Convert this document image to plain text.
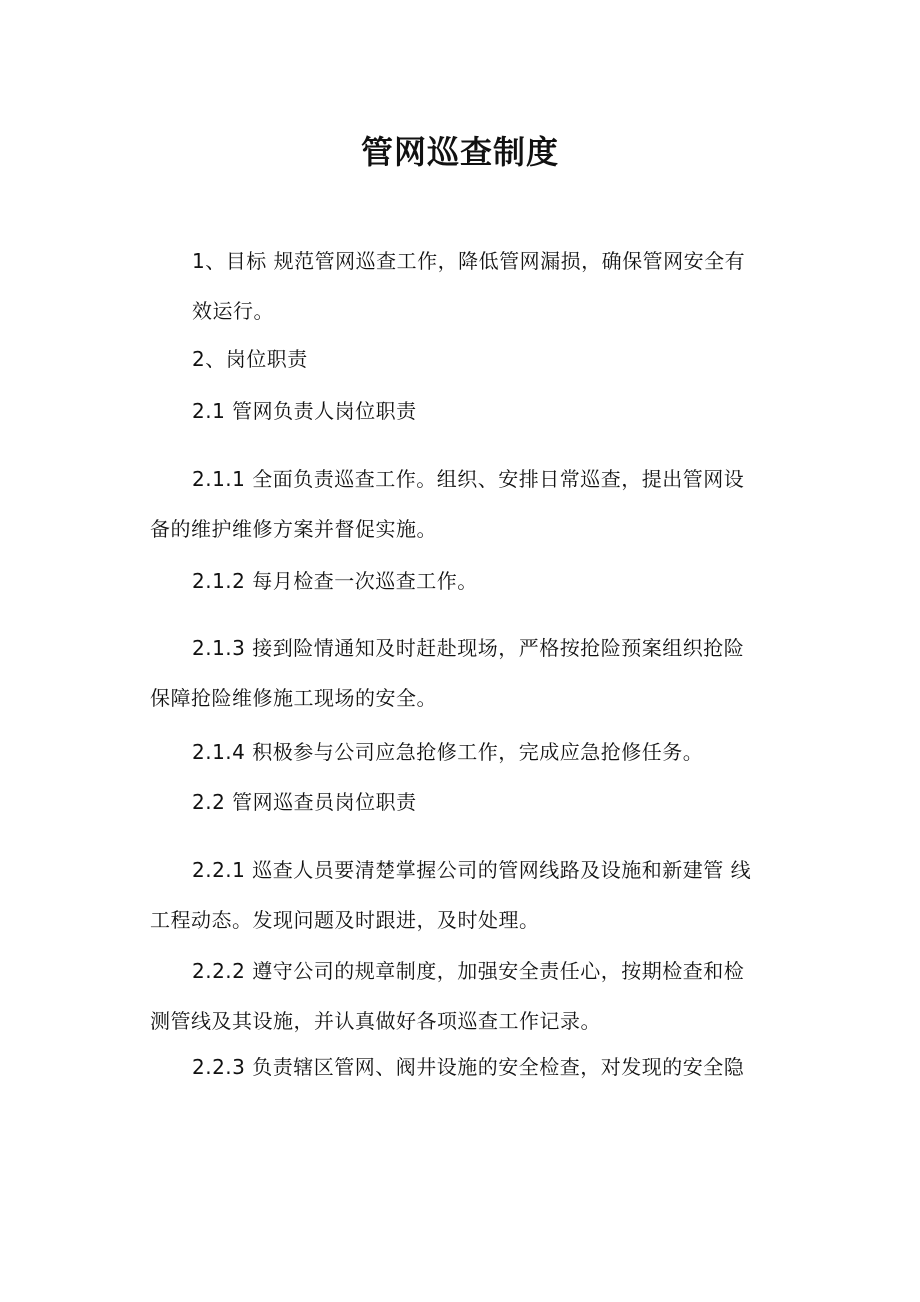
管网巡查制度
1、目标 规范管网巡查工作，降低管网漏损，确保管网安全有
效运行。
2、岗位职责
2.1 管网负责人岗位职责
2.1.1 全面负责巡查工作。组织、安排日常巡查，提出管网设
备的维护维修方案并督促实施。
2.1.2 每月检查一次巡查工作。
2.1.3 接到险情通知及时赶赴现场，严格按抢险预案组织抢险
保障抢险维修施工现场的安全。
2.1.4 积极参与公司应急抢修工作，完成应急抢修任务。
2.2 管网巡查员岗位职责
2.2.1 巡查人员要清楚掌握公司的管网线路及设施和新建管 线
工程动态。发现问题及时跟进，及时处理。
2.2.2 遵守公司的规章制度，加强安全责任心，按期检查和检
测管线及其设施，并认真做好各项巡查工作记录。
2.2.3 负责辖区管网、阀井设施的安全检查，对发现的安全隐
